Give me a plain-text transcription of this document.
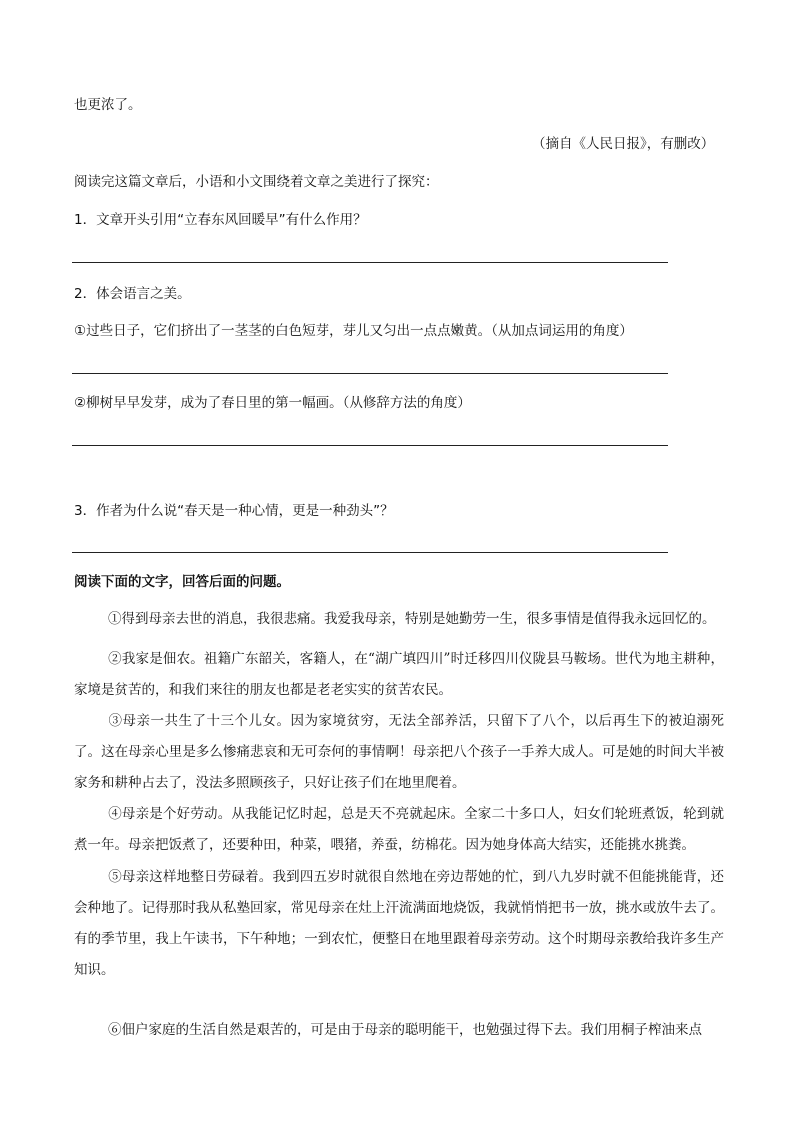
也更浓了。
（摘自《人民日报》，有删改）
阅读完这篇文章后，小语和小文围绕着文章之美进行了探究：
1．文章开头引用“立春东风回暖早”有什么作用？
2．体会语言之美。
①过些日子，它们挤出了一茎茎的白色短芽，芽儿又匀出一点点嫩黄。（从加点词运用的角度）
②柳树早早发芽，成为了春日里的第一幅画。（从修辞方法的角度）
3．作者为什么说“春天是一种心情，更是一种劲头”？
阅读下面的文字，回答后面的问题。
①得到母亲去世的消息，我很悲痛。我爱我母亲，特别是她勤劳一生，很多事情是值得我永远回忆的。
②我家是佃农。祖籍广东韶关，客籍人，在“湖广填四川”时迁移四川仪陇县马鞍场。世代为地主耕种，家境是贫苦的，和我们来往的朋友也都是老老实实的贫苦农民。
③母亲一共生了十三个儿女。因为家境贫穷，无法全部养活，只留下了八个，以后再生下的被迫溺死了。这在母亲心里是多么惨痛悲哀和无可奈何的事情啊！母亲把八个孩子一手养大成人。可是她的时间大半被家务和耕种占去了，没法多照顾孩子，只好让孩子们在地里爬着。
④母亲是个好劳动。从我能记忆时起，总是天不亮就起床。全家二十多口人，妇女们轮班煮饭，轮到就煮一年。母亲把饭煮了，还要种田，种菜，喂猪，养蚕，纺棉花。因为她身体高大结实，还能挑水挑粪。
⑤母亲这样地整日劳碌着。我到四五岁时就很自然地在旁边帮她的忙，到八九岁时就不但能挑能背，还会种地了。记得那时我从私塾回家，常见母亲在灶上汗流满面地烧饭，我就悄悄把书一放，挑水或放牛去了。有的季节里，我上午读书，下午种地；一到农忙，便整日在地里跟着母亲劳动。这个时期母亲教给我许多生产知识。
⑥佃户家庭的生活自然是艰苦的，可是由于母亲的聪明能干，也勉强过得下去。我们用桐子榨油来点
